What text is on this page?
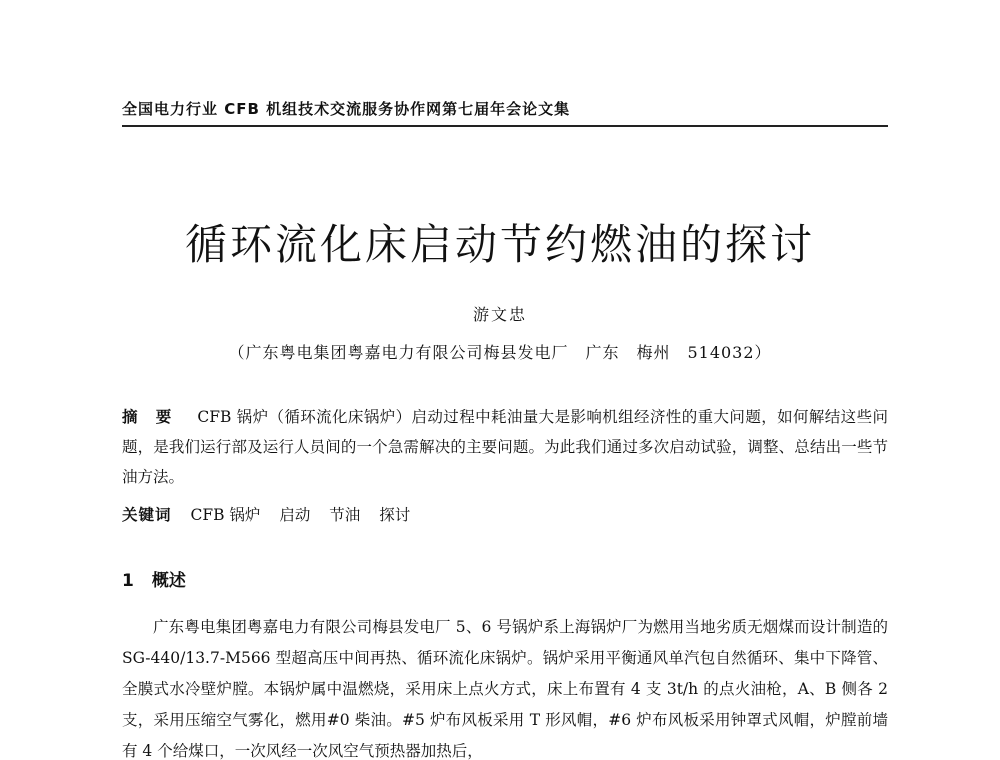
全国电力行业 CFB 机组技术交流服务协作网第七届年会论文集
循环流化床启动节约燃油的探讨
游文忠
（广东粤电集团粤嘉电力有限公司梅县发电厂　广东　梅州　514032）
摘　要 CFB 锅炉（循环流化床锅炉）启动过程中耗油量大是影响机组经济性的重大问题，如何解结这些问题，是我们运行部及运行人员间的一个急需解决的主要问题。为此我们通过多次启动试验，调整、总结出一些节油方法。
关键词 CFB 锅炉 启动 节油 探讨
1 概述
广东粤电集团粤嘉电力有限公司梅县发电厂 5、6 号锅炉系上海锅炉厂为燃用当地劣质无烟煤而设计制造的 SG-440/13.7-M566 型超高压中间再热、循环流化床锅炉。锅炉采用平衡通风单汽包自然循环、集中下降管、全膜式水冷壁炉膛。本锅炉属中温燃烧，采用床上点火方式，床上布置有 4 支 3t/h 的点火油枪，A、B 侧各 2 支，采用压缩空气雾化，燃用#0 柴油。#5 炉布风板采用 T 形风帽，#6 炉布风板采用钟罩式风帽，炉膛前墙有 4 个给煤口，一次风经一次风空气预热器加热后，
